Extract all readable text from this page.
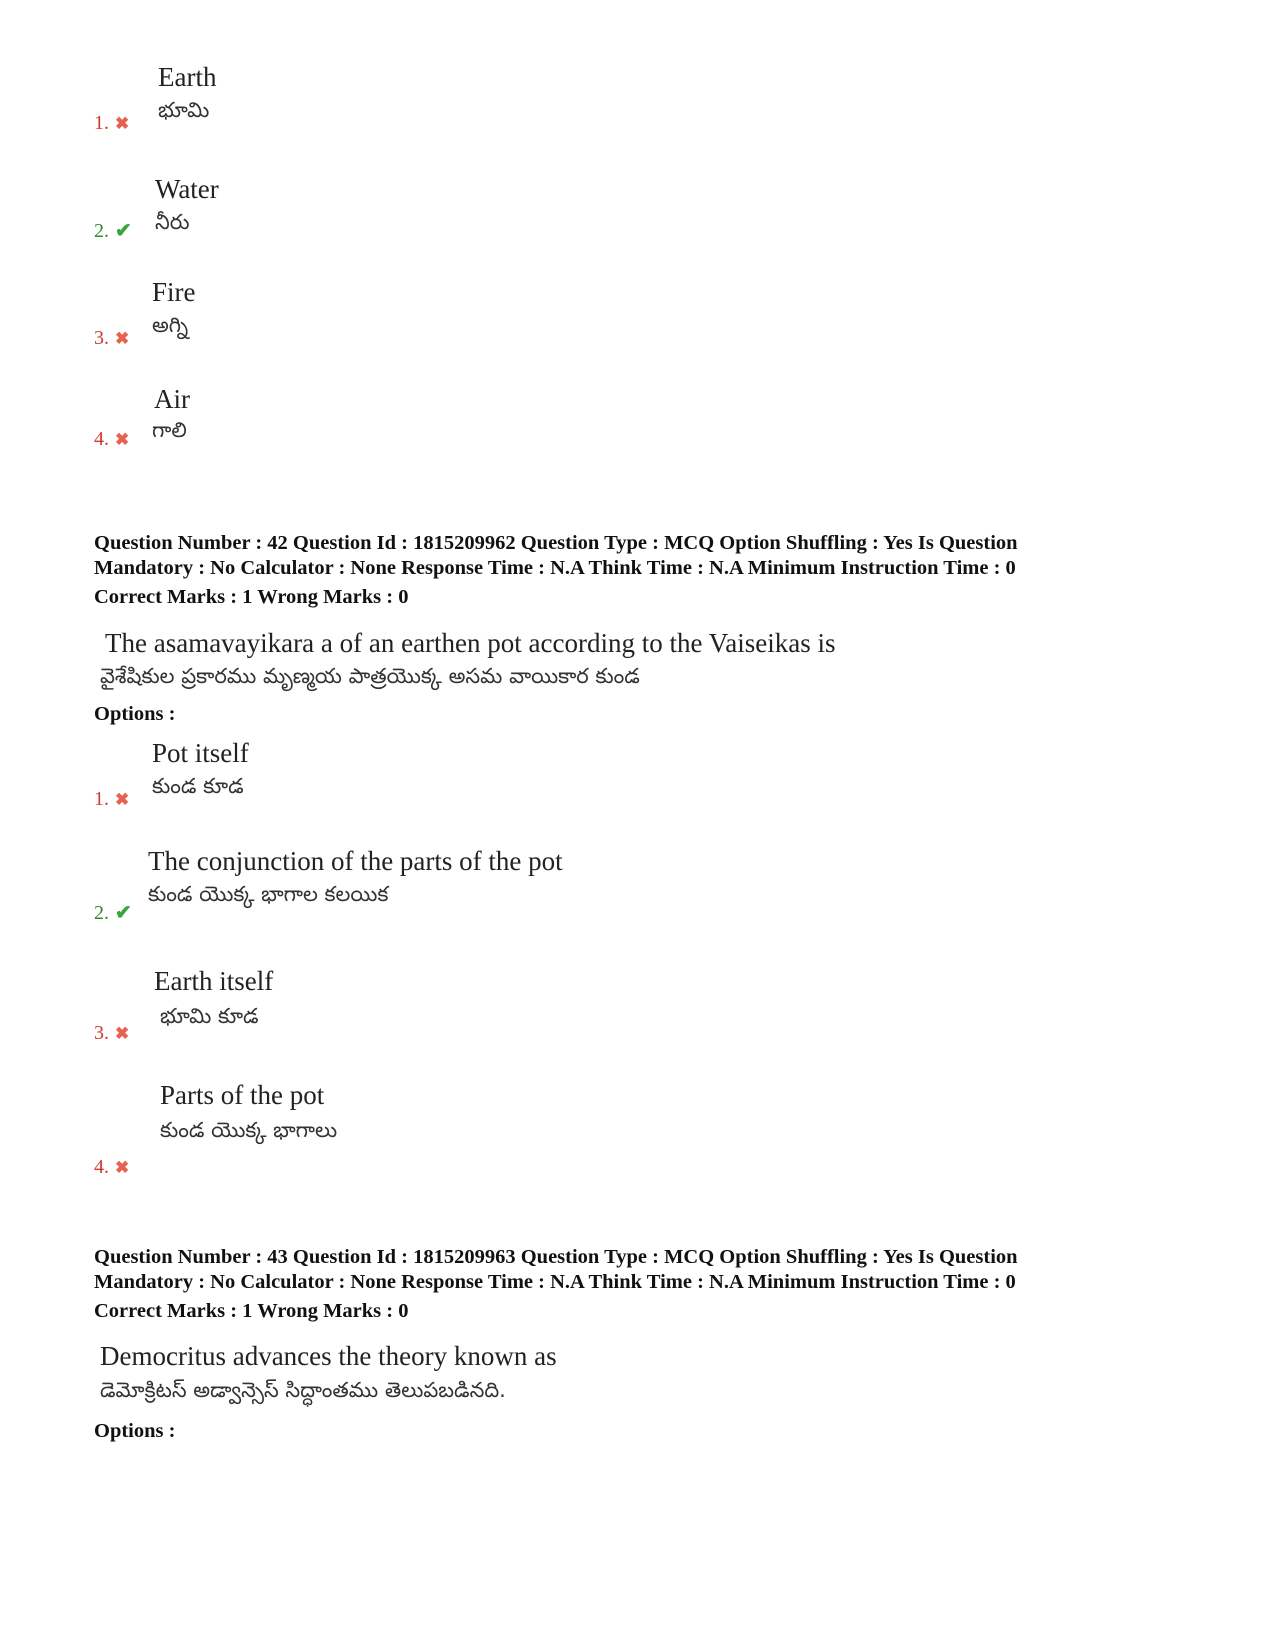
Earth
భూమి
1. ✖
Water
నీరు
2. ✔
Fire
అగ్ని
3. ✖
Air
గాలి
4. ✖
Question Number : 42 Question Id : 1815209962 Question Type : MCQ Option Shuffling : Yes Is Question
Mandatory : No Calculator : None Response Time : N.A Think Time : N.A Minimum Instruction Time : 0
Correct Marks : 1 Wrong Marks : 0
The asamavayikara a of an earthen pot according to the Vaiseikas is
వైశేషికుల ప్రకారము మృణ్మయ పాత్రయొక్క అసమ వాయికార కుండ
Options :
Pot itself
కుండ కూడ
1. ✖
The conjunction of the parts of the pot
కుండ యొక్క భాగాల కలయిక
2. ✔
Earth itself
భూమి కూడ
3. ✖
Parts of the pot
కుండ యొక్క భాగాలు
4. ✖
Question Number : 43 Question Id : 1815209963 Question Type : MCQ Option Shuffling : Yes Is Question
Mandatory : No Calculator : None Response Time : N.A Think Time : N.A Minimum Instruction Time : 0
Correct Marks : 1 Wrong Marks : 0
Democritus advances the theory known as
డెమోక్రిటస్ అడ్వాన్సెస్ సిద్ధాంతము తెలుపబడినది.
Options :
